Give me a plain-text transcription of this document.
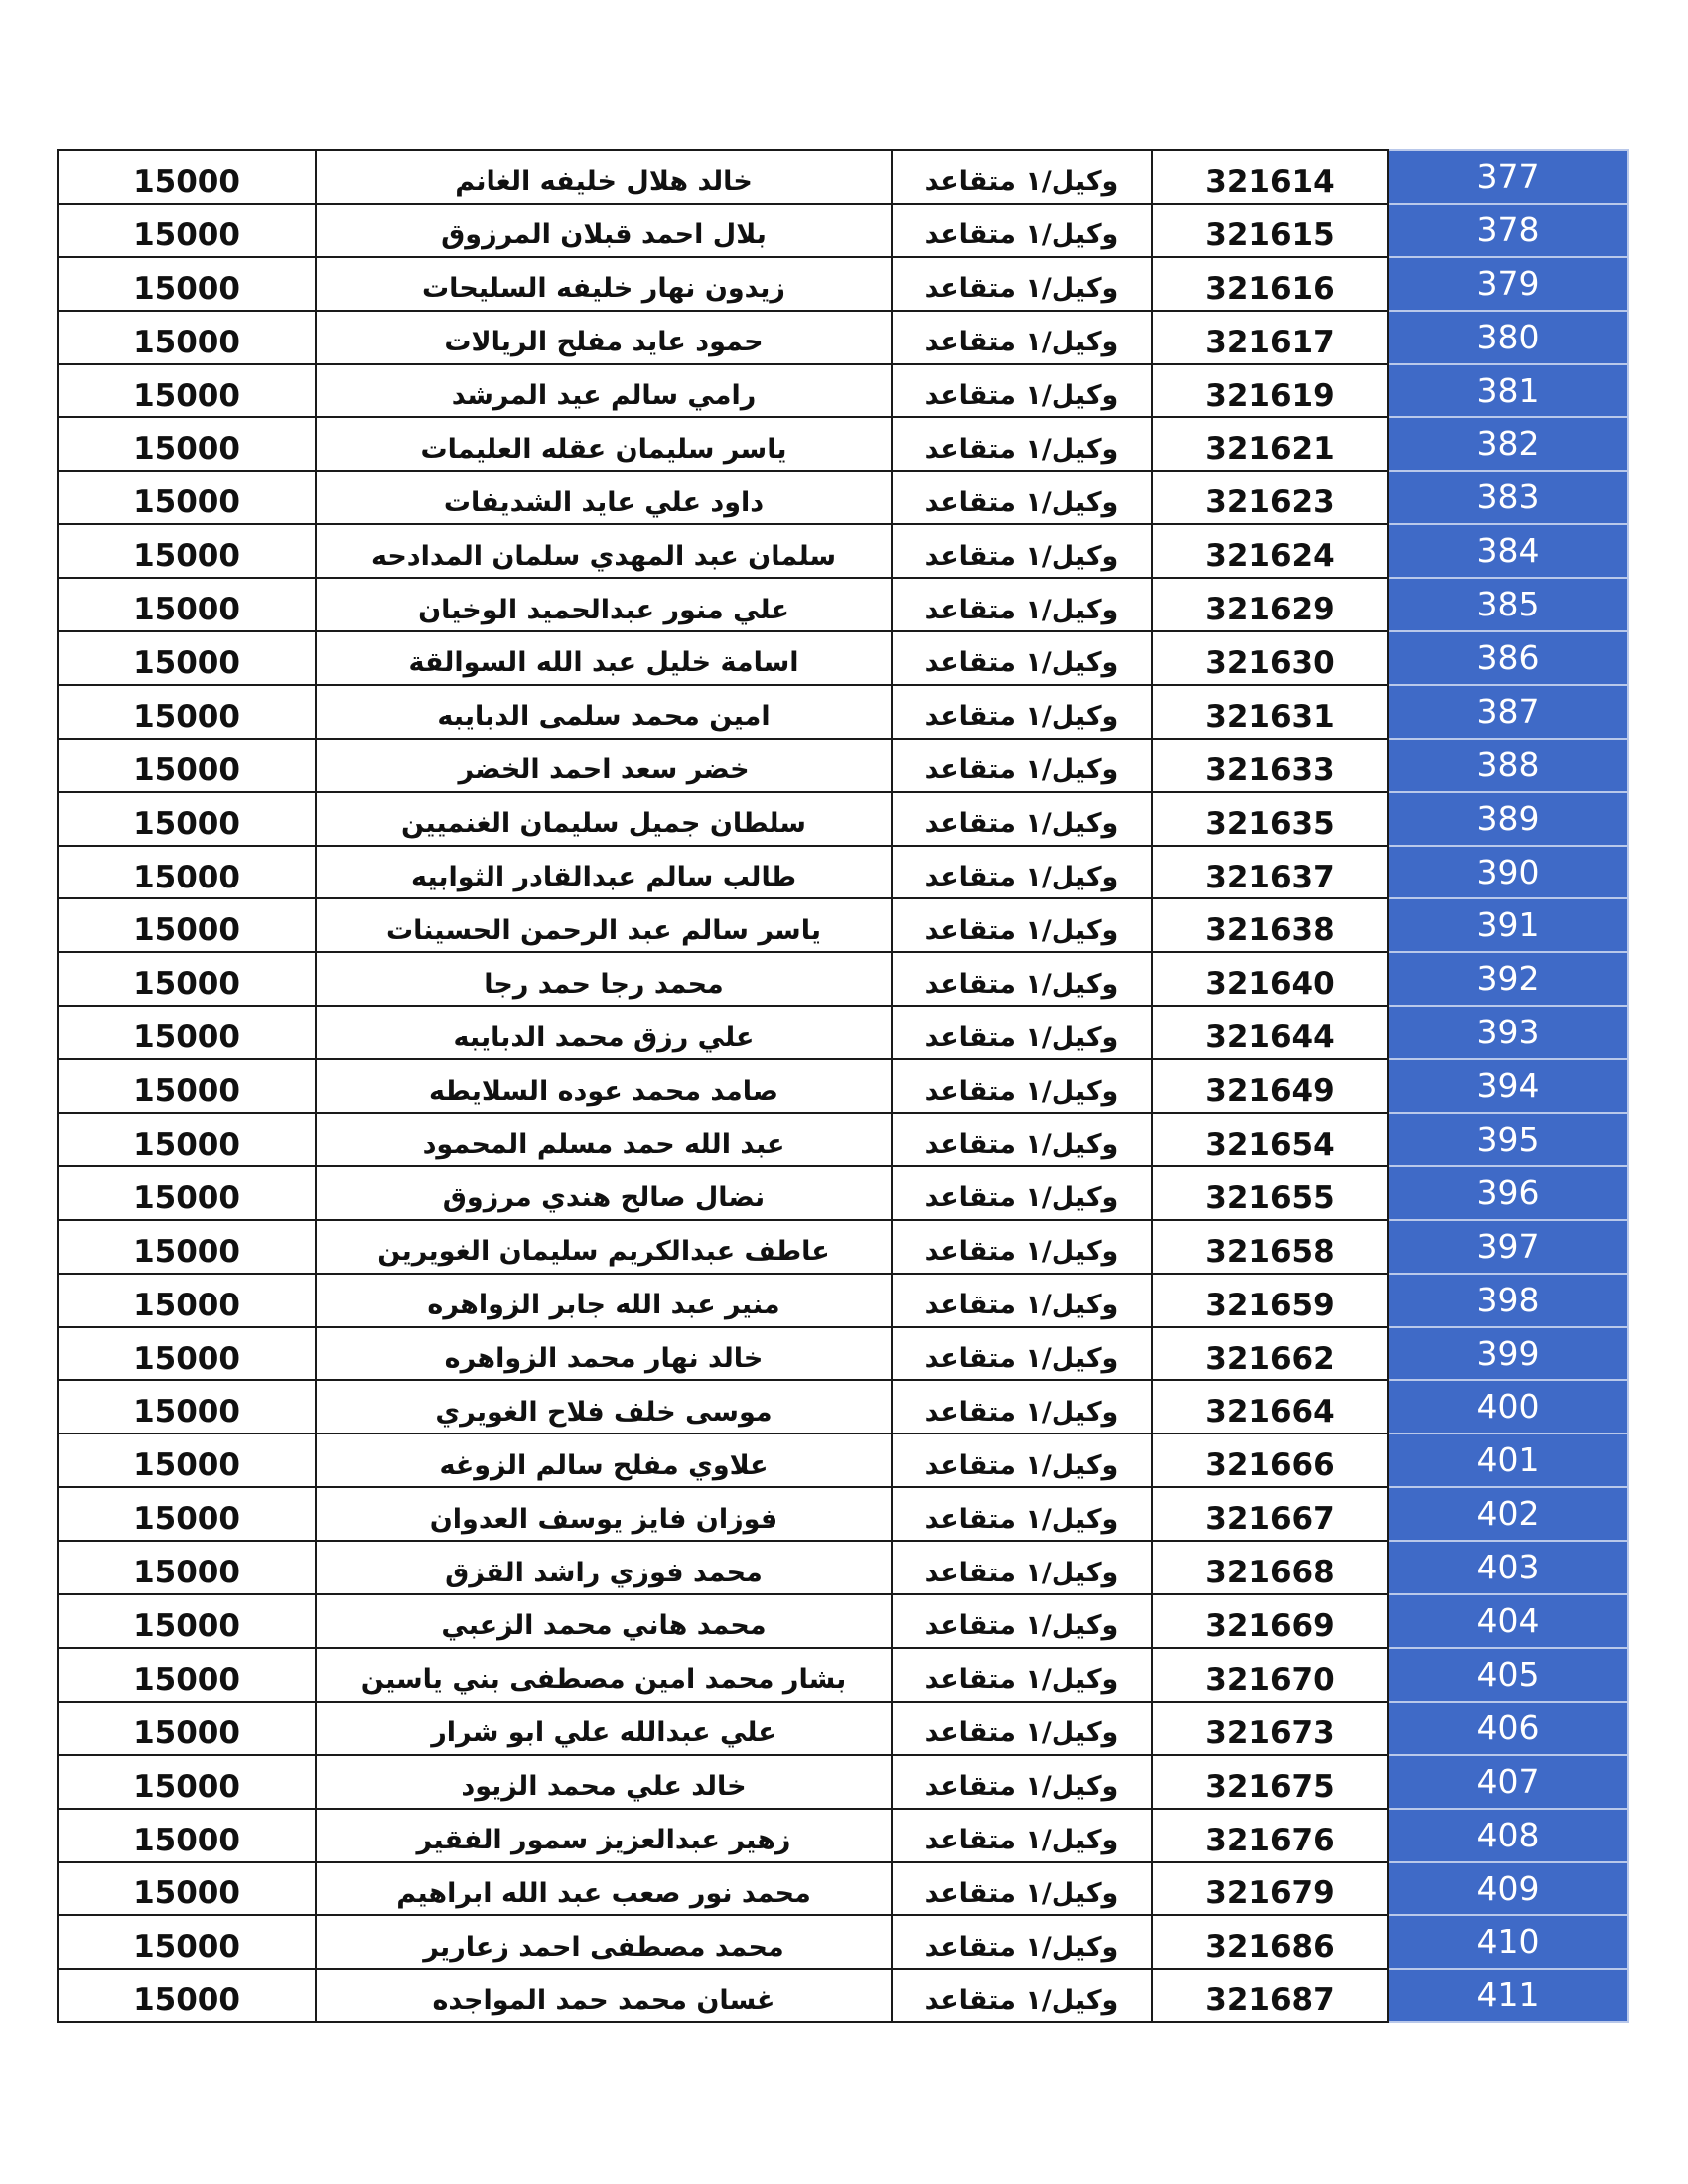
15000	خالد هلال خليفه الغانم	وكيل/١ متقاعد	321614	377
15000	بلال احمد قبلان المرزوق	وكيل/١ متقاعد	321615	378
15000	زيدون نهار خليفه السليحات	وكيل/١ متقاعد	321616	379
15000	حمود عايد مفلح الريالات	وكيل/١ متقاعد	321617	380
15000	رامي سالم عيد المرشد	وكيل/١ متقاعد	321619	381
15000	ياسر سليمان عقله العليمات	وكيل/١ متقاعد	321621	382
15000	داود علي عايد الشديفات	وكيل/١ متقاعد	321623	383
15000	سلمان عبد المهدي سلمان المدادحه	وكيل/١ متقاعد	321624	384
15000	علي منور عبدالحميد الوخيان	وكيل/١ متقاعد	321629	385
15000	اسامة خليل عبد الله السوالقة	وكيل/١ متقاعد	321630	386
15000	امين محمد سلمى الدبايبه	وكيل/١ متقاعد	321631	387
15000	خضر سعد احمد الخضر	وكيل/١ متقاعد	321633	388
15000	سلطان جميل سليمان الغنميين	وكيل/١ متقاعد	321635	389
15000	طالب سالم عبدالقادر الثوابيه	وكيل/١ متقاعد	321637	390
15000	ياسر سالم عبد الرحمن الحسينات	وكيل/١ متقاعد	321638	391
15000	محمد رجا حمد رجا	وكيل/١ متقاعد	321640	392
15000	علي رزق محمد الدبايبه	وكيل/١ متقاعد	321644	393
15000	صامد محمد عوده السلايطه	وكيل/١ متقاعد	321649	394
15000	عبد الله حمد مسلم المحمود	وكيل/١ متقاعد	321654	395
15000	نضال صالح هندي مرزوق	وكيل/١ متقاعد	321655	396
15000	عاطف عبدالكريم سليمان الغويرين	وكيل/١ متقاعد	321658	397
15000	منير عبد الله جابر الزواهره	وكيل/١ متقاعد	321659	398
15000	خالد نهار محمد الزواهره	وكيل/١ متقاعد	321662	399
15000	موسى خلف فلاح الغويري	وكيل/١ متقاعد	321664	400
15000	علاوي مفلح سالم الزوغه	وكيل/١ متقاعد	321666	401
15000	فوزان فايز يوسف العدوان	وكيل/١ متقاعد	321667	402
15000	محمد فوزي راشد القزق	وكيل/١ متقاعد	321668	403
15000	محمد هاني محمد الزعبي	وكيل/١ متقاعد	321669	404
15000	بشار محمد امين مصطفى بني ياسين	وكيل/١ متقاعد	321670	405
15000	علي عبدالله علي ابو شرار	وكيل/١ متقاعد	321673	406
15000	خالد علي محمد الزيود	وكيل/١ متقاعد	321675	407
15000	زهير عبدالعزيز سمور الفقير	وكيل/١ متقاعد	321676	408
15000	محمد نور صعب عبد الله ابراهيم	وكيل/١ متقاعد	321679	409
15000	محمد مصطفى احمد زعارير	وكيل/١ متقاعد	321686	410
15000	غسان محمد حمد المواجده	وكيل/١ متقاعد	321687	411
